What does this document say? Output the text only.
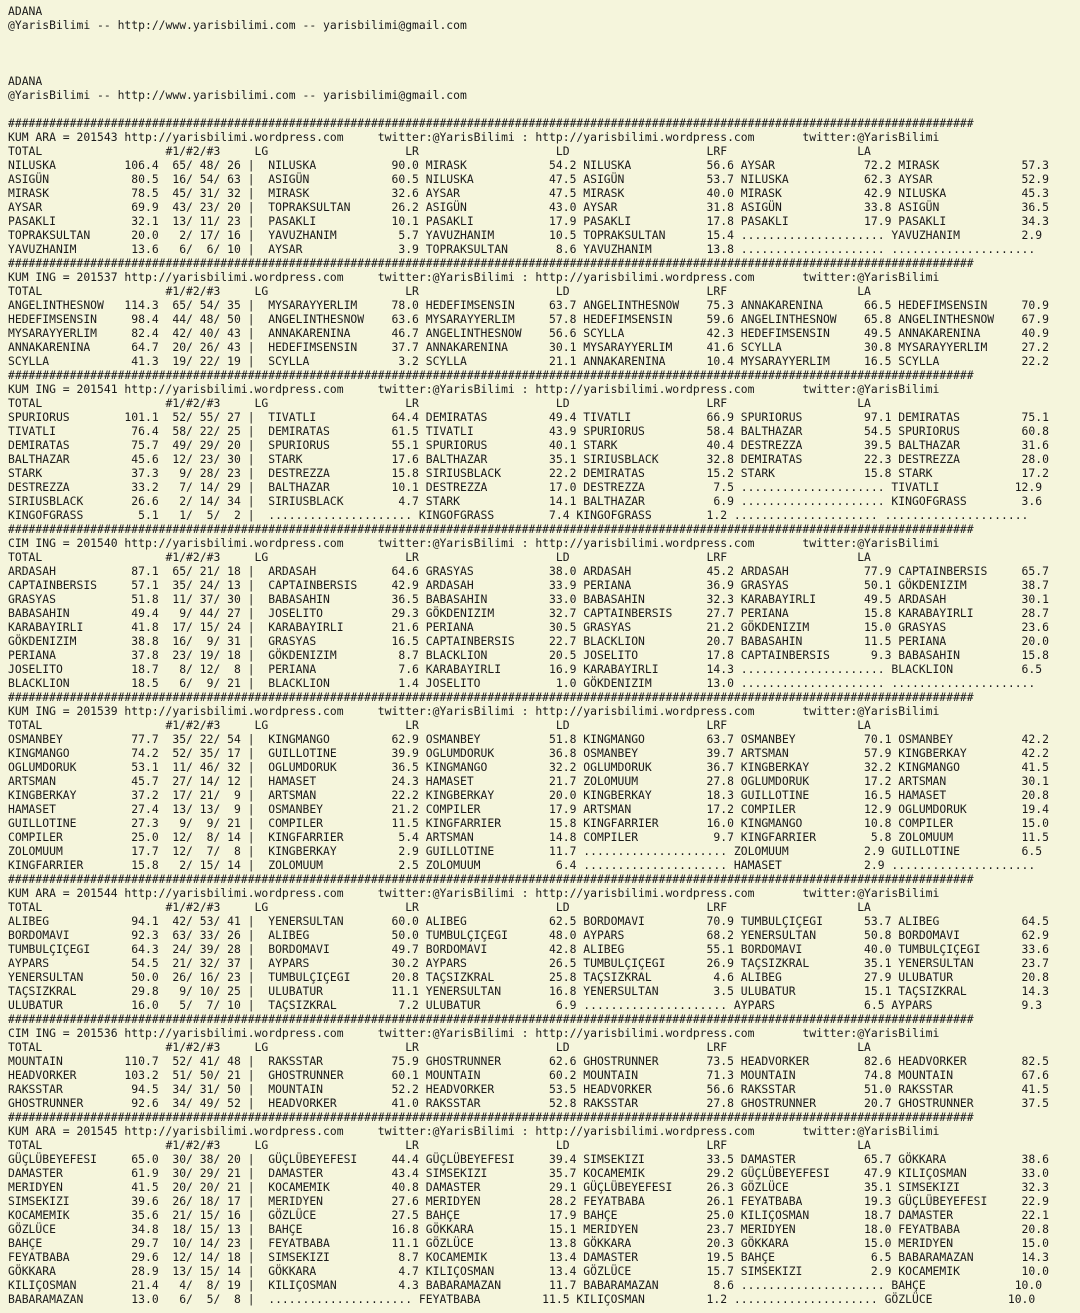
ADANA
@YarisBilimi -- http://www.yarisbilimi.com -- yarisbilimi@gmail.com

ADANA
@YarisBilimi -- http://www.yarisbilimi.com -- yarisbilimi@gmail.com

#############################################################################################################################################
KUM ARA = 201543 http://yarisbilimi.wordpress.com     twitter:@YarisBilimi : http://yarisbilimi.wordpress.com       twitter:@YarisBilimi
TOTAL                  #1/#2/#3     LG                    LR                    LD                    LRF                   LA
NILUSKA          106.4  65/ 48/ 26 |  NILUSKA           90.0 MIRASK            54.2 NILUSKA           56.6 AYSAR             72.2 MIRASK            57.3
ASIGÜN            80.5  16/ 54/ 63 |  ASIGÜN            60.5 NILUSKA           47.5 ASIGÜN            53.7 NILUSKA           62.3 AYSAR             52.9
MIRASK            78.5  45/ 31/ 32 |  MIRASK            32.6 AYSAR             47.5 MIRASK            40.0 MIRASK            42.9 NILUSKA           45.3
AYSAR             69.9  43/ 23/ 20 |  TOPRAKSULTAN      26.2 ASIGÜN            43.0 AYSAR             31.8 ASIGÜN            33.8 ASIGÜN            36.5
PASAKLI           32.1  13/ 11/ 23 |  PASAKLI           10.1 PASAKLI           17.9 PASAKLI           17.8 PASAKLI           17.9 PASAKLI           34.3
TOPRAKSULTAN      20.0   2/ 17/ 16 |  YAVUZHANIM         5.7 YAVUZHANIM        10.5 TOPRAKSULTAN      15.4 ..................... YAVUZHANIM         2.9
YAVUZHANIM        13.6   6/  6/ 10 |  AYSAR              3.9 TOPRAKSULTAN       8.6 YAVUZHANIM        13.8 ..................... .....................
#############################################################################################################################################
KUM ING = 201537 http://yarisbilimi.wordpress.com     twitter:@YarisBilimi : http://yarisbilimi.wordpress.com       twitter:@YarisBilimi
TOTAL                  #1/#2/#3     LG                    LR                    LD                    LRF                   LA
ANGELINTHESNOW   114.3  65/ 54/ 35 |  MYSARAYYERLIM     78.0 HEDEFIMSENSIN     63.7 ANGELINTHESNOW    75.3 ANNAKARENINA      66.5 HEDEFIMSENSIN     70.9
HEDEFIMSENSIN     98.4  44/ 48/ 50 |  ANGELINTHESNOW    63.6 MYSARAYYERLIM     57.8 HEDEFIMSENSIN     59.6 ANGELINTHESNOW    65.8 ANGELINTHESNOW    67.9
MYSARAYYERLIM     82.4  42/ 40/ 43 |  ANNAKARENINA      46.7 ANGELINTHESNOW    56.6 SCYLLA            42.3 HEDEFIMSENSIN     49.5 ANNAKARENINA      40.9
ANNAKARENINA      64.7  20/ 26/ 43 |  HEDEFIMSENSIN     37.7 ANNAKARENINA      30.1 MYSARAYYERLIM     41.6 SCYLLA            30.8 MYSARAYYERLIM     27.2
SCYLLA            41.3  19/ 22/ 19 |  SCYLLA             3.2 SCYLLA            21.1 ANNAKARENINA      10.4 MYSARAYYERLIM     16.5 SCYLLA            22.2
#############################################################################################################################################
KUM ING = 201541 http://yarisbilimi.wordpress.com     twitter:@YarisBilimi : http://yarisbilimi.wordpress.com       twitter:@YarisBilimi
TOTAL                  #1/#2/#3     LG                    LR                    LD                    LRF                   LA
SPURIORUS        101.1  52/ 55/ 27 |  TIVATLI           64.4 DEMIRATAS         49.4 TIVATLI           66.9 SPURIORUS         97.1 DEMIRATAS         75.1
TIVATLI           76.4  58/ 22/ 25 |  DEMIRATAS         61.5 TIVATLI           43.9 SPURIORUS         58.4 BALTHAZAR         54.5 SPURIORUS         60.8
DEMIRATAS         75.7  49/ 29/ 20 |  SPURIORUS         55.1 SPURIORUS         40.1 STARK             40.4 DESTREZZA         39.5 BALTHAZAR         31.6
BALTHAZAR         45.6  12/ 23/ 30 |  STARK             17.6 BALTHAZAR         35.1 SIRIUSBLACK       32.8 DEMIRATAS         22.3 DESTREZZA         28.0
STARK             37.3   9/ 28/ 23 |  DESTREZZA         15.8 SIRIUSBLACK       22.2 DEMIRATAS         15.2 STARK             15.8 STARK             17.2
DESTREZZA         33.2   7/ 14/ 29 |  BALTHAZAR         10.1 DESTREZZA         17.0 DESTREZZA          7.5 ..................... TIVATLI           12.9
SIRIUSBLACK       26.6   2/ 14/ 34 |  SIRIUSBLACK        4.7 STARK             14.1 BALTHAZAR          6.9 ..................... KINGOFGRASS        3.6
KINGOFGRASS        5.1   1/  5/  2 |  ..................... KINGOFGRASS        7.4 KINGOFGRASS        1.2 ..................... .....................
#############################################################################################################################################
CIM ING = 201540 http://yarisbilimi.wordpress.com     twitter:@YarisBilimi : http://yarisbilimi.wordpress.com       twitter:@YarisBilimi
TOTAL                  #1/#2/#3     LG                    LR                    LD                    LRF                   LA
ARDASAH           87.1  65/ 21/ 18 |  ARDASAH           64.6 GRASYAS           38.0 ARDASAH           45.2 ARDASAH           77.9 CAPTAINBERSIS     65.7
CAPTAINBERSIS     57.1  35/ 24/ 13 |  CAPTAINBERSIS     42.9 ARDASAH           33.9 PERIANA           36.9 GRASYAS           50.1 GÖKDENIZIM        38.7
GRASYAS           51.8  11/ 37/ 30 |  BABASAHIN         36.5 BABASAHIN         33.0 BABASAHIN         32.3 KARABAYIRLI       49.5 ARDASAH           30.1
BABASAHIN         49.4   9/ 44/ 27 |  JOSELITO          29.3 GÖKDENIZIM        32.7 CAPTAINBERSIS     27.7 PERIANA           15.8 KARABAYIRLI       28.7
KARABAYIRLI       41.8  17/ 15/ 24 |  KARABAYIRLI       21.6 PERIANA           30.5 GRASYAS           21.2 GÖKDENIZIM        15.0 GRASYAS           23.6
GÖKDENIZIM        38.8  16/  9/ 31 |  GRASYAS           16.5 CAPTAINBERSIS     22.7 BLACKLION         20.7 BABASAHIN         11.5 PERIANA           20.0
PERIANA           37.8  23/ 19/ 18 |  GÖKDENIZIM         8.7 BLACKLION         20.5 JOSELITO          17.8 CAPTAINBERSIS      9.3 BABASAHIN         15.8
JOSELITO          18.7   8/ 12/  8 |  PERIANA            7.6 KARABAYIRLI       16.9 KARABAYIRLI       14.3 ..................... BLACKLION          6.5
BLACKLION         18.5   6/  9/ 21 |  BLACKLION          1.4 JOSELITO           1.0 GÖKDENIZIM        13.0 ..................... .....................
#############################################################################################################################################
KUM ING = 201539 http://yarisbilimi.wordpress.com     twitter:@YarisBilimi : http://yarisbilimi.wordpress.com       twitter:@YarisBilimi
TOTAL                  #1/#2/#3     LG                    LR                    LD                    LRF                   LA
OSMANBEY          77.7  35/ 22/ 54 |  KINGMANGO         62.9 OSMANBEY          51.8 KINGMANGO         63.7 OSMANBEY          70.1 OSMANBEY          42.2
KINGMANGO         74.2  52/ 35/ 17 |  GUILLOTINE        39.9 OGLUMDORUK        36.8 OSMANBEY          39.7 ARTSMAN           57.9 KINGBERKAY        42.2
OGLUMDORUK        53.1  11/ 46/ 32 |  OGLUMDORUK        36.5 KINGMANGO         32.2 OGLUMDORUK        36.7 KINGBERKAY        32.2 KINGMANGO         41.5
ARTSMAN           45.7  27/ 14/ 12 |  HAMASET           24.3 HAMASET           21.7 ZOLOMUUM          27.8 OGLUMDORUK        17.2 ARTSMAN           30.1
KINGBERKAY        37.2  17/ 21/  9 |  ARTSMAN           22.2 KINGBERKAY        20.0 KINGBERKAY        18.3 GUILLOTINE        16.5 HAMASET           20.8
HAMASET           27.4  13/ 13/  9 |  OSMANBEY          21.2 COMPILER          17.9 ARTSMAN           17.2 COMPILER          12.9 OGLUMDORUK        19.4
GUILLOTINE        27.3   9/  9/ 21 |  COMPILER          11.5 KINGFARRIER       15.8 KINGFARRIER       16.0 KINGMANGO         10.8 COMPILER          15.0
COMPILER          25.0  12/  8/ 14 |  KINGFARRIER        5.4 ARTSMAN           14.8 COMPILER           9.7 KINGFARRIER        5.8 ZOLOMUUM          11.5
ZOLOMUUM          17.7  12/  7/  8 |  KINGBERKAY         2.9 GUILLOTINE        11.7 ..................... ZOLOMUUM           2.9 GUILLOTINE         6.5
KINGFARRIER       15.8   2/ 15/ 14 |  ZOLOMUUM           2.5 ZOLOMUUM           6.4 ..................... HAMASET            2.9 .....................
#############################################################################################################################################
KUM ARA = 201544 http://yarisbilimi.wordpress.com     twitter:@YarisBilimi : http://yarisbilimi.wordpress.com       twitter:@YarisBilimi
TOTAL                  #1/#2/#3     LG                    LR                    LD                    LRF                   LA
ALIBEG            94.1  42/ 53/ 41 |  YENERSULTAN       60.0 ALIBEG            62.5 BORDOMAVI         70.9 TUMBULÇIÇEGI      53.7 ALIBEG            64.5
BORDOMAVI         92.3  63/ 33/ 26 |  ALIBEG            50.0 TUMBULÇIÇEGI      48.0 AYPARS            68.2 YENERSULTAN       50.8 BORDOMAVI         62.9
TUMBULÇIÇEGI      64.3  24/ 39/ 28 |  BORDOMAVI         49.7 BORDOMAVI         42.8 ALIBEG            55.1 BORDOMAVI         40.0 TUMBULÇIÇEGI      33.6
AYPARS            54.5  21/ 32/ 37 |  AYPARS            30.2 AYPARS            26.5 TUMBULÇIÇEGI      26.9 TAÇSIZKRAL        35.1 YENERSULTAN       23.7
YENERSULTAN       50.0  26/ 16/ 23 |  TUMBULÇIÇEGI      20.8 TAÇSIZKRAL        25.8 TAÇSIZKRAL         4.6 ALIBEG            27.9 ULUBATUR          20.8
TAÇSIZKRAL        29.8   9/ 10/ 25 |  ULUBATUR          11.1 YENERSULTAN       16.8 YENERSULTAN        3.5 ULUBATUR          15.1 TAÇSIZKRAL        14.3
ULUBATUR          16.0   5/  7/ 10 |  TAÇSIZKRAL         7.2 ULUBATUR           6.9 ..................... AYPARS             6.5 AYPARS             9.3
#############################################################################################################################################
CIM ING = 201536 http://yarisbilimi.wordpress.com     twitter:@YarisBilimi : http://yarisbilimi.wordpress.com       twitter:@YarisBilimi
TOTAL                  #1/#2/#3     LG                    LR                    LD                    LRF                   LA
MOUNTAIN         110.7  52/ 41/ 48 |  RAKSSTAR          75.9 GHOSTRUNNER       62.6 GHOSTRUNNER       73.5 HEADVORKER        82.6 HEADVORKER        82.5
HEADVORKER       103.2  51/ 50/ 21 |  GHOSTRUNNER       60.1 MOUNTAIN          60.2 MOUNTAIN          71.3 MOUNTAIN          74.8 MOUNTAIN          67.6
RAKSSTAR          94.5  34/ 31/ 50 |  MOUNTAIN          52.2 HEADVORKER        53.5 HEADVORKER        56.6 RAKSSTAR          51.0 RAKSSTAR          41.5
GHOSTRUNNER       92.6  34/ 49/ 52 |  HEADVORKER        41.0 RAKSSTAR          52.8 RAKSSTAR          27.8 GHOSTRUNNER       20.7 GHOSTRUNNER       37.5
#############################################################################################################################################
KUM ARA = 201545 http://yarisbilimi.wordpress.com     twitter:@YarisBilimi : http://yarisbilimi.wordpress.com       twitter:@YarisBilimi
TOTAL                  #1/#2/#3     LG                    LR                    LD                    LRF                   LA
GÜÇLÜBEYEFESI     65.0  30/ 38/ 20 |  GÜÇLÜBEYEFESI     44.4 GÜÇLÜBEYEFESI     39.4 SIMSEKIZI         33.5 DAMASTER          65.7 GÖKKARA           38.6
DAMASTER          61.9  30/ 29/ 21 |  DAMASTER          43.4 SIMSEKIZI         35.7 KOCAMEMIK         29.2 GÜÇLÜBEYEFESI     47.9 KILIÇOSMAN        33.0
MERIDYEN          41.5  20/ 20/ 21 |  KOCAMEMIK         40.8 DAMASTER          29.1 GÜÇLÜBEYEFESI     26.3 GÖZLÜCE           35.1 SIMSEKIZI         32.3
SIMSEKIZI         39.6  26/ 18/ 17 |  MERIDYEN          27.6 MERIDYEN          28.2 FEYATBABA         26.1 FEYATBABA         19.3 GÜÇLÜBEYEFESI     22.9
KOCAMEMIK         35.6  21/ 15/ 16 |  GÖZLÜCE           27.5 BAHÇE             17.9 BAHÇE             25.0 KILIÇOSMAN        18.7 DAMASTER          22.1
GÖZLÜCE           34.8  18/ 15/ 13 |  BAHÇE             16.8 GÖKKARA           15.1 MERIDYEN          23.7 MERIDYEN          18.0 FEYATBABA         20.8
BAHÇE             29.7  10/ 14/ 23 |  FEYATBABA         11.1 GÖZLÜCE           13.8 GÖKKARA           20.3 GÖKKARA           15.0 MERIDYEN          15.0
FEYATBABA         29.6  12/ 14/ 18 |  SIMSEKIZI          8.7 KOCAMEMIK         13.4 DAMASTER          19.5 BAHÇE              6.5 BABARAMAZAN       14.3
GÖKKARA           28.9  13/ 15/ 14 |  GÖKKARA            4.7 KILIÇOSMAN        13.4 GÖZLÜCE           15.7 SIMSEKIZI          2.9 KOCAMEMIK         10.0
KILIÇOSMAN        21.4   4/  8/ 19 |  KILIÇOSMAN         4.3 BABARAMAZAN       11.7 BABARAMAZAN        8.6 ..................... BAHÇE             10.0
BABARAMAZAN       13.0   6/  5/  8 |  ..................... FEYATBABA         11.5 KILIÇOSMAN         1.2 ..................... GÖZLÜCE           10.0
